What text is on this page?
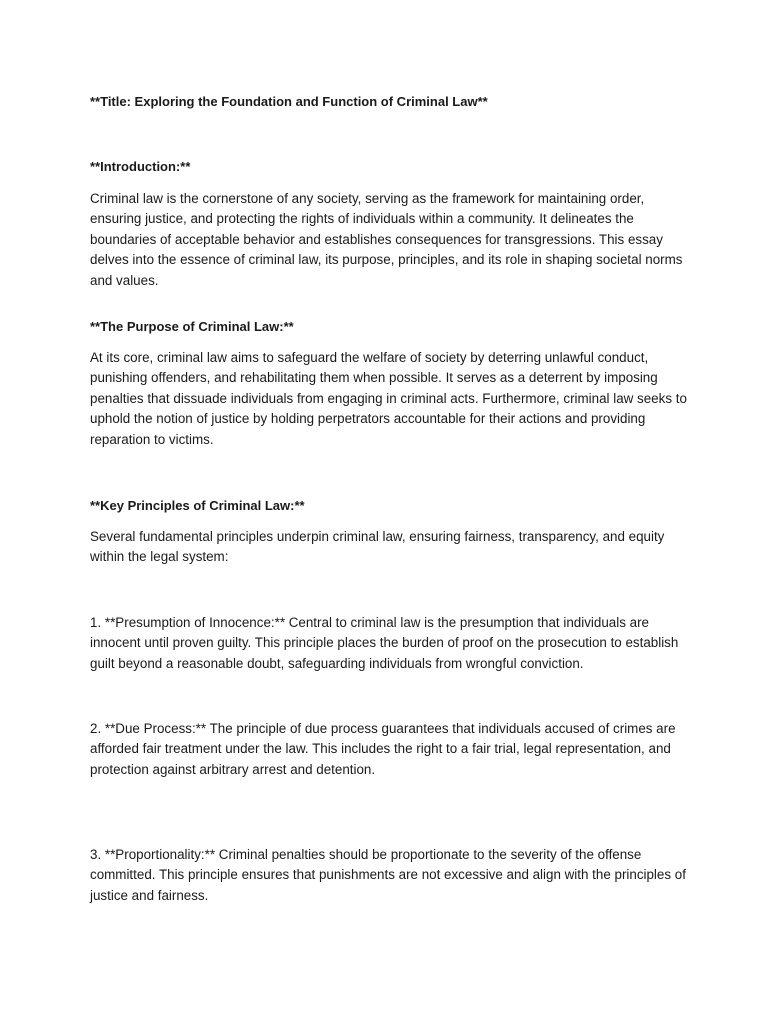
**Title: Exploring the Foundation and Function of Criminal Law**

**Introduction:**

Criminal law is the cornerstone of any society, serving as the framework for maintaining order, ensuring justice, and protecting the rights of individuals within a community. It delineates the boundaries of acceptable behavior and establishes consequences for transgressions. This essay delves into the essence of criminal law, its purpose, principles, and its role in shaping societal norms and values.

**The Purpose of Criminal Law:**

At its core, criminal law aims to safeguard the welfare of society by deterring unlawful conduct, punishing offenders, and rehabilitating them when possible. It serves as a deterrent by imposing penalties that dissuade individuals from engaging in criminal acts. Furthermore, criminal law seeks to uphold the notion of justice by holding perpetrators accountable for their actions and providing reparation to victims.

**Key Principles of Criminal Law:**

Several fundamental principles underpin criminal law, ensuring fairness, transparency, and equity within the legal system:

1. **Presumption of Innocence:** Central to criminal law is the presumption that individuals are innocent until proven guilty. This principle places the burden of proof on the prosecution to establish guilt beyond a reasonable doubt, safeguarding individuals from wrongful conviction.

2. **Due Process:** The principle of due process guarantees that individuals accused of crimes are afforded fair treatment under the law. This includes the right to a fair trial, legal representation, and protection against arbitrary arrest and detention.

3. **Proportionality:** Criminal penalties should be proportionate to the severity of the offense committed. This principle ensures that punishments are not excessive and align with the principles of justice and fairness.
